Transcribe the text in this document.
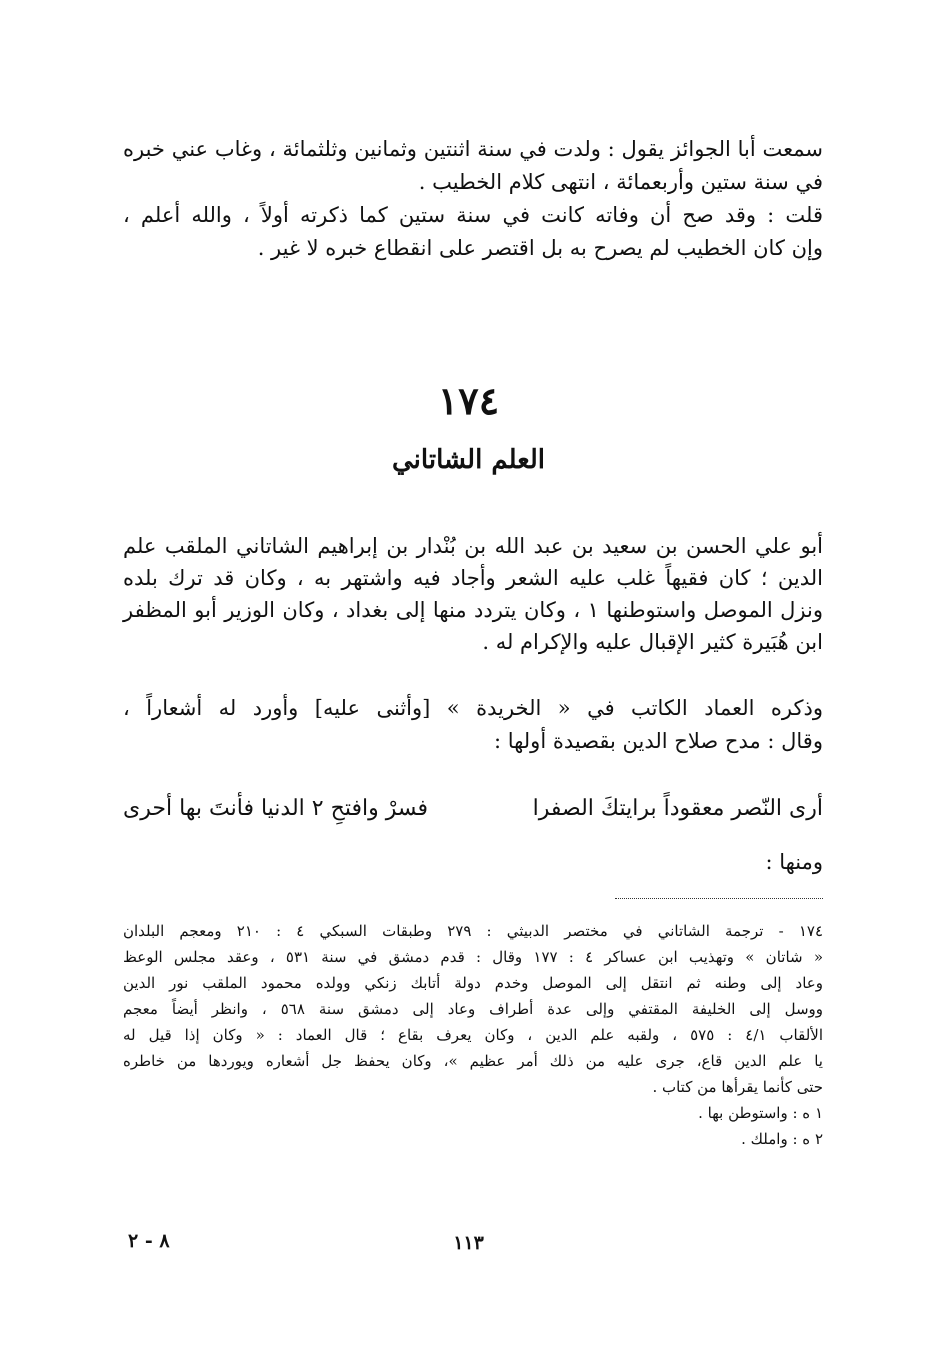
سمعت أبا الجوائز يقول : ولدت في سنة اثنتين وثمانين وثلثمائة ، وغاب عني خبره
في سنة ستين وأربعمائة ، انتهى كلام الخطيب .
قلت : وقد صح أن وفاته كانت في سنة ستين كما ذكرته أولاً ، والله أعلم ،
وإن كان الخطيب لم يصرح به بل اقتصر على انقطاع خبره لا غير .
١٧٤
العلم الشاتاني
أبو علي الحسن بن سعيد بن عبد الله بن بُنْدار بن إبراهيم الشاتاني الملقب علم
الدين ؛ كان فقيهاً غلب عليه الشعر وأجاد فيه واشتهر به ، وكان قد ترك بلده
ونزل الموصل واستوطنها ١ ، وكان يتردد منها إلى بغداد ، وكان الوزير أبو المظفر
ابن هُبَيرة كثير الإقبال عليه والإكرام له .
وذكره العماد الكاتب في « الخريدة » [وأثنى عليه] وأورد له أشعاراً ،
وقال : مدح صلاح الدين بقصيدة أولها :
أرى النّصر معقوداً برايتكَ الصفرا
فسرْ وافتحِ ٢ الدنيا فأنتَ بها أحرى
ومنها :
١٧٤ - ترجمة الشاتاني في مختصر الدبيثي : ٢٧٩ وطبقات السبكي ٤ : ٢١٠ ومعجم البلدان
« شاتان » وتهذيب ابن عساكر ٤ : ١٧٧ وقال : قدم دمشق في سنة ٥٣١ ، وعقد مجلس الوعظ
وعاد إلى وطنه ثم انتقل إلى الموصل وخدم دولة أتابك زنكي وولده محمود الملقب نور الدين
ووسل إلى الخليفة المقتفي وإلى عدة أطراف وعاد إلى دمشق سنة ٥٦٨ ، وانظر أيضاً معجم
الألقاب ٤/١ : ٥٧٥ ، ولقبه علم الدين ، وكان يعرف بقاع ؛ قال العماد : « وكان إذا قيل له
يا علم الدين قاع، جرى عليه من ذلك أمر عظيم »، وكان يحفظ جل أشعاره ويوردها من خاطره
حتى كأنما يقرأها من كتاب .
١ ه : واستوطن بها .
٢ ه : واملك .
١١٣
٨ - ٢
